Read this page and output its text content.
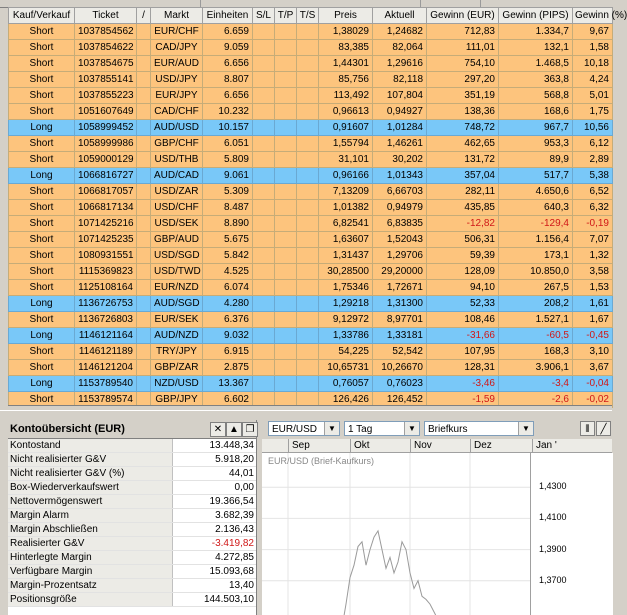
Kauf/Verkauf	Ticket	/	Markt	Einheiten	S/L	T/P	T/S	Preis	Aktuell	Gewinn (EUR)	Gewinn (PIPS)	Gewinn (%)
Short	1037854562		EUR/CHF	6.659				1,38029	1,24682	712,83	1.334,7	9,67
Short	1037854622		CAD/JPY	9.059				83,385	82,064	111,01	132,1	1,58
Short	1037854675		EUR/AUD	6.656				1,44301	1,29616	754,10	1.468,5	10,18
Short	1037855141		USD/JPY	8.807				85,756	82,118	297,20	363,8	4,24
Short	1037855223		EUR/JPY	6.656				113,492	107,804	351,19	568,8	5,01
Short	1051607649		CAD/CHF	10.232				0,96613	0,94927	138,36	168,6	1,75
Long	1058999452		AUD/USD	10.157				0,91607	1,01284	748,72	967,7	10,56
Short	1058999986		GBP/CHF	6.051				1,55794	1,46261	462,65	953,3	6,12
Short	1059000129		USD/THB	5.809				31,101	30,202	131,72	89,9	2,89
Long	1066816727		AUD/CAD	9.061				0,96166	1,01343	357,04	517,7	5,38
Short	1066817057		USD/ZAR	5.309				7,13209	6,66703	282,11	4.650,6	6,52
Short	1066817134		USD/CHF	8.487				1,01382	0,94979	435,85	640,3	6,32
Short	1071425216		USD/SEK	8.890				6,82541	6,83835	-12,82	-129,4	-0,19
Short	1071425235		GBP/AUD	5.675				1,63607	1,52043	506,31	1.156,4	7,07
Short	1080931551		USD/SGD	5.842				1,31437	1,29706	59,39	173,1	1,32
Short	1115369823		USD/TWD	4.525				30,28500	29,20000	128,09	10.850,0	3,58
Short	1125108164		EUR/NZD	6.074				1,75346	1,72671	94,10	267,5	1,53
Long	1136726753		AUD/SGD	4.280				1,29218	1,31300	52,33	208,2	1,61
Short	1136726803		EUR/SEK	6.376				9,12972	8,97701	108,46	1.527,1	1,67
Long	1146121164		AUD/NZD	9.032				1,33786	1,33181	-31,66	-60,5	-0,45
Short	1146121189		TRY/JPY	6.915				54,225	52,542	107,95	168,3	3,10
Short	1146121204		GBP/ZAR	2.875				10,65731	10,26670	128,31	3.906,1	3,67
Long	1153789540		NZD/USD	13.367				0,76057	0,76023	-3,46	-3,4	-0,04
Short	1153789574		GBP/JPY	6.602				126,426	126,452	-1,59	-2,6	-0,02
Kontoübersicht (EUR)	✕ ▲ ❐
Kontostand	13.448,34
Nicht realisierter G&V	5.918,20
Nicht realisierter G&V (%)	44,01
Box-Wiederverkaufswert	0,00
Nettovermögenswert	19.366,54
Margin Alarm	3.682,39
Margin Abschließen	2.136,43
Realisierter G&V	-3.419,82
Hinterlegte Margin	4.272,85
Verfügbare Margin	15.093,68
Margin-Prozentsatz	13,40
Positionsgröße	144.503,10
EUR/USD	▼	1 Tag	▼	Briefkurs	▼	⦀	╱
Sep	Okt	Nov	Dez	Jan '
EUR/USD (Brief-Kaufkurs)
1,4300
1,4100
1,3900
1,3700
